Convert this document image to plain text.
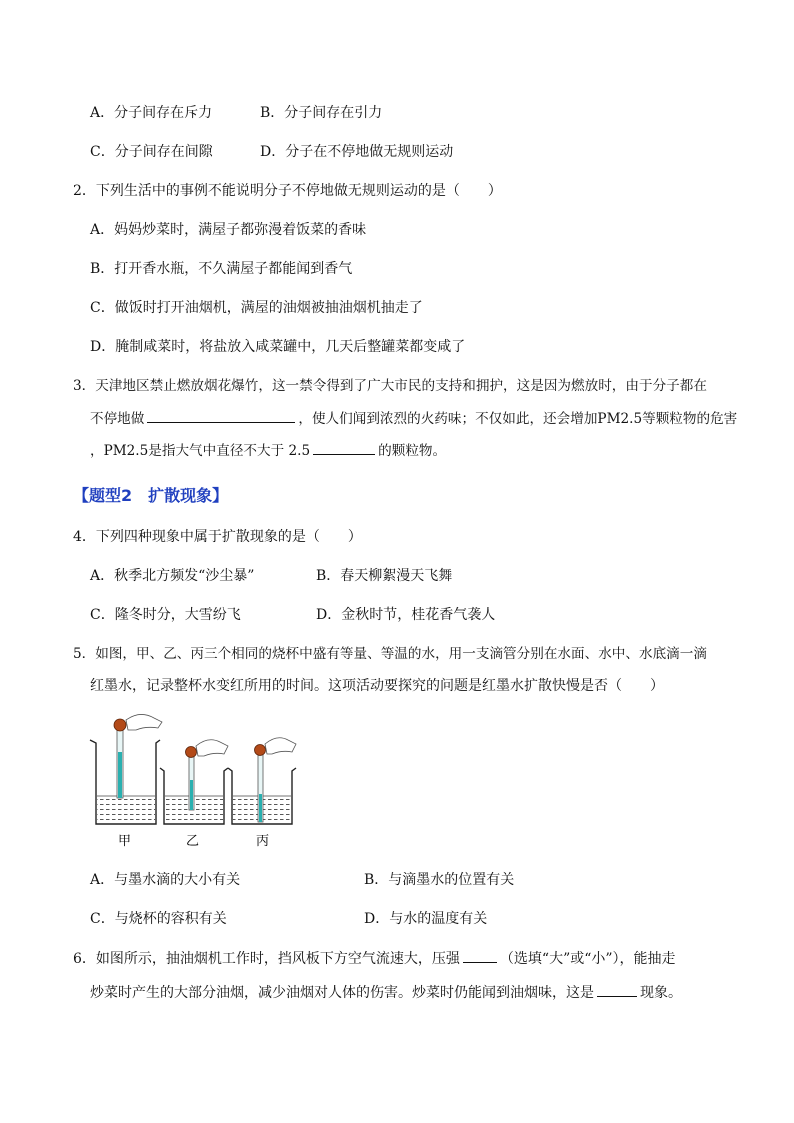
A．分子间存在斥力	B．分子间存在引力
C．分子间存在间隙	D．分子在不停地做无规则运动
2．下列生活中的事例不能说明分子不停地做无规则运动的是（　　）
A．妈妈炒菜时，满屋子都弥漫着饭菜的香味
B．打开香水瓶，不久满屋子都能闻到香气
C．做饭时打开油烟机，满屋的油烟被抽油烟机抽走了
D．腌制咸菜时，将盐放入咸菜罐中，几天后整罐菜都变咸了
3．天津地区禁止燃放烟花爆竹，这一禁令得到了广大市民的支持和拥护，这是因为燃放时，由于分子都在
不停地做	，使人们闻到浓烈的火药味；不仅如此，还会增加PM2.5等颗粒物的危害
，PM2.5是指大气中直径不大于 2.5	的颗粒物。
【题型2　扩散现象】
4．下列四种现象中属于扩散现象的是（　　）
A．秋季北方频发“沙尘暴”	B．春天柳絮漫天飞舞
C．隆冬时分，大雪纷飞	D．金秋时节，桂花香气袭人
5．如图，甲、乙、丙三个相同的烧杯中盛有等量、等温的水，用一支滴管分别在水面、水中、水底滴一滴
红墨水，记录整杯水变红所用的时间。这项活动要探究的问题是红墨水扩散快慢是否（　　）
甲	乙	丙
A．与墨水滴的大小有关	B．与滴墨水的位置有关
C．与烧杯的容积有关	D．与水的温度有关
6．如图所示，抽油烟机工作时，挡风板下方空气流速大，压强	（选填“大”或“小”），能抽走
炒菜时产生的大部分油烟，减少油烟对人体的伤害。炒菜时仍能闻到油烟味，这是	现象。
